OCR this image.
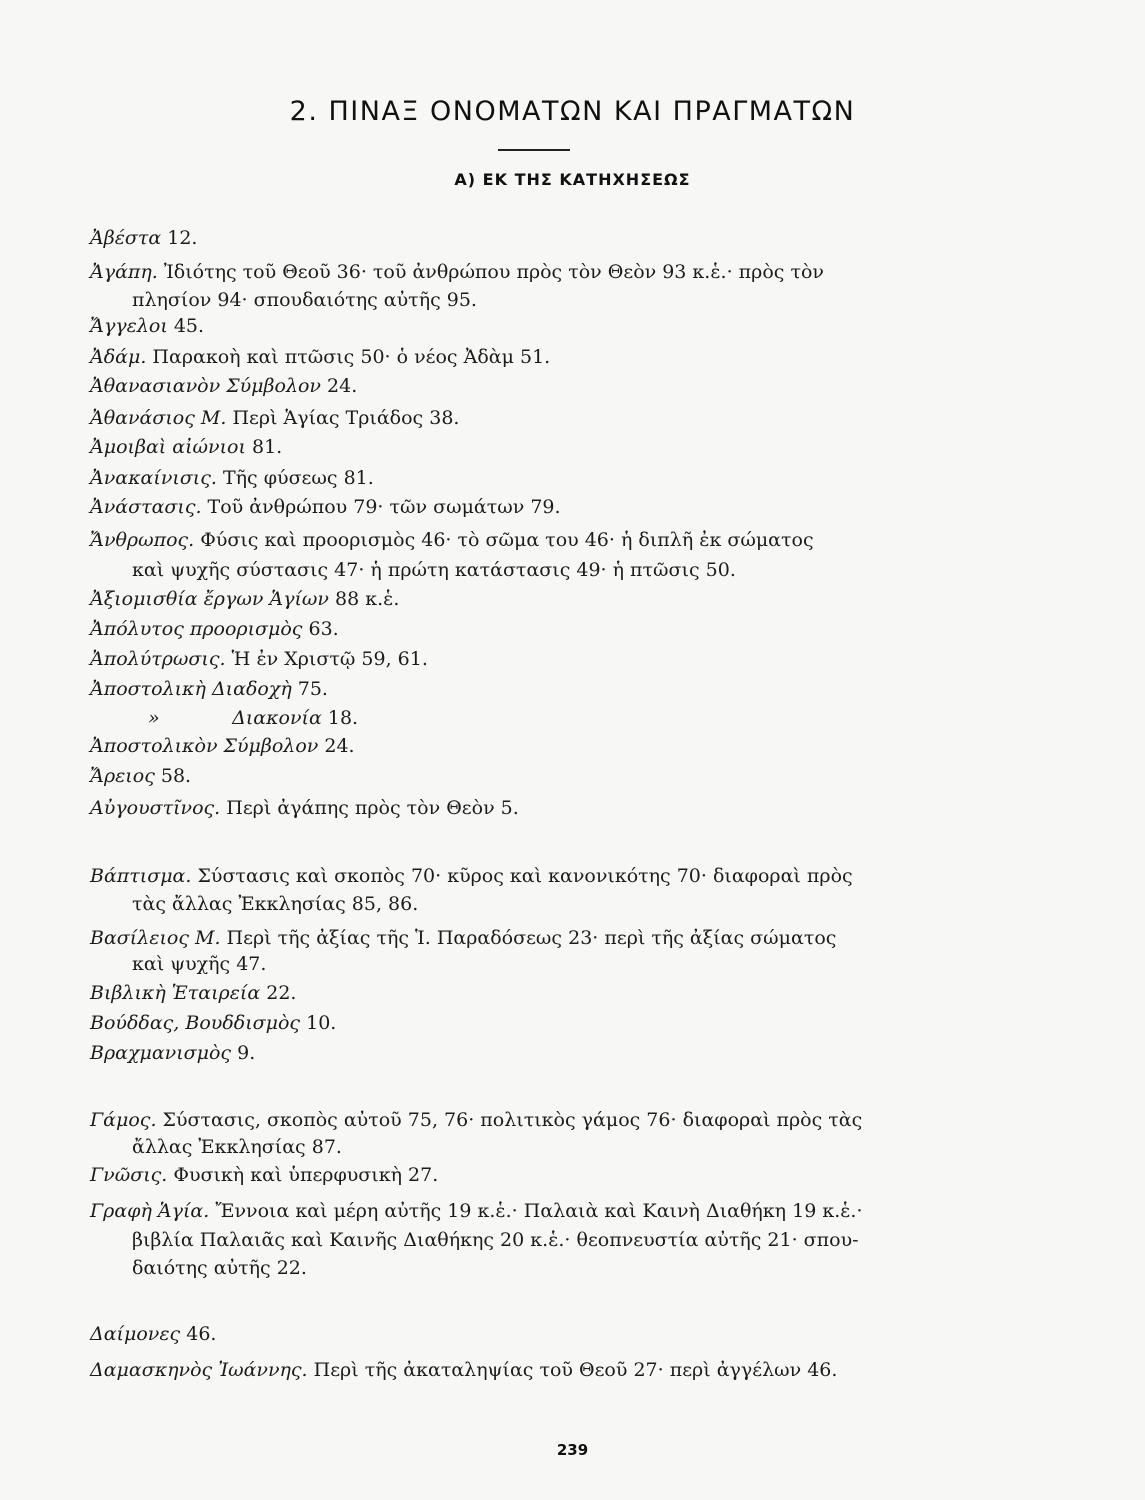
2. ΠΙΝΑΞ ΟΝΟΜΑΤΩΝ ΚΑΙ ΠΡΑΓΜΑΤΩΝ
Α) ΕΚ ΤΗΣ ΚΑΤΗΧΗΣΕΩΣ
Ἀβέστα 12.
Ἀγάπη. Ἰδιότης τοῦ Θεοῦ 36· τοῦ ἀνθρώπου πρὸς τὸν Θεὸν 93 κ.ἑ.· πρὸς τὸν
πλησίον 94· σπουδαιότης αὐτῆς 95.
Ἄγγελοι 45.
Ἀδάμ. Παρακοὴ καὶ πτῶσις 50· ὁ νέος Ἀδὰμ 51.
Ἀθανασιανὸν Σύμβολον 24.
Ἀθανάσιος Μ. Περὶ Ἁγίας Τριάδος 38.
Ἀμοιβαὶ αἰώνιοι 81.
Ἀνακαίνισις. Τῆς φύσεως 81.
Ἀνάστασις. Τοῦ ἀνθρώπου 79· τῶν σωμάτων 79.
Ἄνθρωπος. Φύσις καὶ προορισμὸς 46· τὸ σῶμα του 46· ἡ διπλῆ ἐκ σώματος
καὶ ψυχῆς σύστασις 47· ἡ πρώτη κατάστασις 49· ἡ πτῶσις 50.
Ἀξιομισθία ἔργων Ἁγίων 88 κ.ἑ.
Ἀπόλυτος προορισμὸς 63.
Ἀπολύτρωσις. Ἡ ἐν Χριστῷ 59, 61.
Ἀποστολικὴ Διαδοχὴ 75.
»            Διακονία 18.
Ἀποστολικὸν Σύμβολον 24.
Ἄρειος 58.
Αὐγουστῖνος. Περὶ ἀγάπης πρὸς τὸν Θεὸν 5.
Βάπτισμα. Σύστασις καὶ σκοπὸς 70· κῦρος καὶ κανονικότης 70· διαφοραὶ πρὸς
τὰς ἄλλας Ἐκκλησίας 85, 86.
Βασίλειος Μ. Περὶ τῆς ἀξίας τῆς Ἱ. Παραδόσεως 23· περὶ τῆς ἀξίας σώματος
καὶ ψυχῆς 47.
Βιβλικὴ Ἑταιρεία 22.
Βούδδας, Βουδδισμὸς 10.
Βραχμανισμὸς 9.
Γάμος. Σύστασις, σκοπὸς αὐτοῦ 75, 76· πολιτικὸς γάμος 76· διαφοραὶ πρὸς τὰς
ἄλλας Ἐκκλησίας 87.
Γνῶσις. Φυσικὴ καὶ ὑπερφυσικὴ 27.
Γραφὴ Ἁγία. Ἔννοια καὶ μέρη αὐτῆς 19 κ.ἑ.· Παλαιὰ καὶ Καινὴ Διαθήκη 19 κ.ἑ.·
βιβλία Παλαιᾶς καὶ Καινῆς Διαθήκης 20 κ.ἑ.· θεοπνευστία αὐτῆς 21· σπου-
δαιότης αὐτῆς 22.
Δαίμονες 46.
Δαμασκηνὸς Ἰωάννης. Περὶ τῆς ἀκαταληψίας τοῦ Θεοῦ 27· περὶ ἀγγέλων 46.
239
